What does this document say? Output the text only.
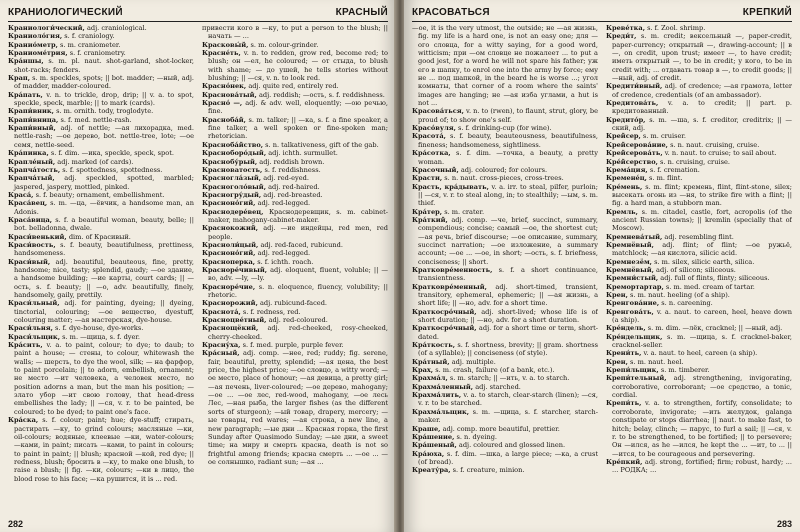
КРАНИОЛОГИЧЕСКИЙ	КРАСНЫЙ

Краниологи́ческий, adj. craniological.

Краниоло́гия, s. f. craniology.

Кранио́метр, s. m. craniometer.

Краниоме́трия, s. f. craniometry.

Кра́ншы, s. m. pl. naut. shot-garland, shot-locker, shot-racks; fenders.

Крап, s. m. speckles, spots; || bot. madder; —ный, adj. of madder, madder-coloured.

Кра́пать, v. n. to trickle, drop, drip; || v. a. to spot, speckle, speck, marble; || to mark (cards).

Крапи́вник, s. m. ornith. tody, troglodyte.

Крапи́вница, s. f. med. nettle-rash.

Крапи́вный, adj. of nettle; —ая лихорадка, med. nettle-rash; —ое дерево, bot. nettle-tree, lote; —ое семя, nettle-seed.

Кра́пинка, s. f. dim. —ика, speckle, speck, spot.

Крапле́ный, adj. marked (of cards).

Крапча́тость, s. f. spottedness, spottedness.

Крапча́тый, adj. speckled, spotted, marbled; jaspered, jaspery, mottled, pinked.

Краса́, s. f. beauty; ornament, embellishment.

Краса́вец, s. m. —ца, —ёвчик, a handsome man, an Adonis.

Краса́вица, s. f. a beautiful woman, beauty, belle; || bot. belladonna, dwale.

Краси́венький, dim. of Красивый.

Краси́вость, s. f. beauty, beautifulness, prettiness, handsomeness.

Краси́вый, adj. beautiful, beauteous, fine, pretty, handsome; nice, tasty; splendid, gaudy; —ое здание, a handsome building; —ие карты, court cards; || —ость, s. f. beauty; || —о, adv. beautifully, finely, handsomely, gaily, prettily.

Краси́льный, adj. for painting, dyeing; || dyeing, tinctorial, colouring; —ое вещество, dyestuff, colouring matter; —ая мастерская, dye-house.

Краси́льня, s. f. dye-house, dye-works.

Краси́льщик, s. m. —щица, s. f. dyer.

Кра́сить, v. a. to paint, colour; to dye; to daub; to paint a house; — стены, to colour, whitewash the walls; — шерсть, to dye the wool, silk; — на фарфор, to paint porcelain; || to adorn, embellish, ornament; не место —ит человека, а человек место, no position adorns a man, but the man his position; — злато убор —ит свою голову, that head-dress embellishes the lady; || —ся, v. r. to be painted, be coloured; to be dyed; to paint one's face.

Кра́ска, s. f. colour; paint; hue; dye-stuff; стирать, растирать —ку, to grind colours; масляные —ки, oil-colours; водяные, клеевые —ки, water-colours; —ками, in paint; писать —ками, to paint in colours; to paint in paint; || blush; красной —кой, red dye; || redness, blush; бросить в —ку, to make one blush, to raise a blush; || fig. —ки, colours; —ки в лицо, the blood rose to his face; —ка рушится, it is ... red.

привести кого в —ку, to put a person to the blush; || начать — ...

Красковы́й, s. m. colour-grinder.

Красне́ть, v. n. to redden, grow red, become red; to blush; он —ел, he coloured; — от стыда, to blush with shame; — до ушей, he tells stories without blushing; || —ся, v. n. to look red.

Красно́нек, adj. quite red, entirely red.

Краснова́тый, adj. reddish; —ость, s. f. reddishness.

Красно́ —, adj. & adv. well, eloquently; —ою речью, fine.

Красноба́й, s. m. talker; || —ка, s. f. a fine speaker, a fine talker, a well spoken or fine-spoken man; rhetorician.

Красноба́йство, s. n. talkativeness, gift of the gab.

Красноборо́дый, adj. ichth. surmullet.

Краснобу́рый, adj. reddish brown.

Красноватость, s. f. reddishness.

Красногла́зый, adj. red-eyed.

Красноголо́вый, adj. red-haired.

Красногру́дый, adj. red-breasted.

Красноно́гий, adj. red-legged.

Краснодере́вец, Краснодеревщик, s. m. cabinet-maker, mahogany-cabinet-maker.

Краснокожий, adj. —ие индейцы, red men, red people.

Красноли́цый, adj. red-faced, rubicund.

Красноно́гий, adj. red-legged.

Красноперка, s. f. ichth. roach.

Красноре́чивый, adj. eloquent, fluent, voluble; || —во, adv. —ly, —ly.

Красноре́чие, s. n. eloquence, fluency, volubility; || rhetoric.

Краснорожий, adj. rubicund-faced.

Краснота́, s. f. redness, red.

Красноцве́тный, adj. red-coloured.

Краснощёкий, adj. red-cheeked, rosy-cheeked, cherry-cheeked.

Красну́ха, s. f. med. purple, purple fever.

Кра́сный, adj. comp. —нее, red; ruddy; fig. serene, fair, beautiful, pretty, splendid; —ая цена, the best price, the highest price; —ое словцо, a witty word; —ое место, place of honour; —ая девица, a pretty girl; —ая печень, liver-coloured; —ое дерево, mahogany; —ое ... —ое лес, red-wood, mahogany, —ое лесь Лес, —ная рыба, the larger fishes (as the different sorts of sturgeon); —ый товар, drapery, mercery; —ые товары, red wares; —ая строка, a new line, a new paragraph; —ые дни ... Красная горка, the first Sunday after Quasimodo Sunday; —ые дни, a sweet time; на миру и смерть красна, death is not so frightful among friends; красна смерть ... —ое ... —ое солнышко, radiant sun; —ая ...

282
КРАСОВАТЬСЯ	КРЕПКИЙ

—ое, it is the very utmost, the outside; не —ая жизнь, fig. my life is a hard one, is not an easy one; для —ого словца, for a witty saying, for a good word, witticism; при —ом словце не пожалеет ... to put a good jest, for a word he will not spare his father; уж его в шапку, to enrol one into the army by force; ему не ... под шапкой, in the beard he is worse ...; угол комнаты, that corner of a room where the saints' images are hanging; не —ая изба углами, a hut is not ...

Красова́ться, v. n. to (rwen), to flaunt, strut, glory, be proud of; to show one's self.

Красо́вуля, s. f. drinking-cup (for wine).

Красота́, s. f. beauty, beauteousness, beautifulness, fineness; handsomeness, sightliness.

Кра́сотка, s. f. dim. —точка, a beauty, a pretty woman.

Красочный, adj. coloured; for colours.

Красти, s. n. naut. cross-pieces, cross-trees.

Красть, кра́дывать, v. a. irr. to steal, pilfer, purloin; || —ся, v. r. to steal along, in; to stealthily; —ым, s. m. thief.

Кра́тер, s. m. crater.

Кра́ткий, adj. comp. —че, brief, succinct, summary, compendious; concise; самый —ое, the shortest cut; —ая речь, brief discourse; —ое описание, summary, succinct narration; —ое изложение, a summary account; —ое ... —ое, in short; —ость, s. f. briefness, conciseness; || short.

Кратковре́менность, s. f. a short continuance, transientness.

Кратковре́менный, adj. short-timed, transient, transitory, ephemeral, ephemeric; || —ая жизнь, a short life; || —но, adv. for a short time.

Краткосро́чный, adj. short-lived; whose life is of short duration; || —но, adv. for a short duration.

Краткосро́чный, adj. for a short time or term, short-dated.

Кра́ткость, s. f. shortness, brevity; || gram. shortness (of a syllable); || conciseness (of style).

Кра́тный, adj. multiple.

Крах, s. m. crash, failure (of a bank, etc.).

Крахма́л, s. m. starch; || —ить, v. a. to starch.

Крахма́ленный, adj. starched.

Крахма́лить, v. a. to starch, clear-starch (linen); —ся, v. r. to be starched.

Крахма́льщик, s. m. —щица, s. f. starcher, starch-maker.

Краше, adj. comp. more beautiful, prettier.

Кра́шение, s. n. dyeing.

Кра́шеный, adj. coloured and glossed linen.

Кра́юха, s. f. dim. —шка, a large piece; —ка, a crust (of bread).

Креату́ра, s. f. creature, minion.

Креве́тка, s. f. Zool. shrimp.

Креди́т, s. m. credit; вексельный —, paper-credit, paper-currency; открытый —, drawing-account; || в —, on credit, upon trust; имеет —, to have credit; иметь открытый —, to be in credit; у кого, to be in credit with; ... отдавать товар в —, to credit goods; || —ный, adj. of credit.

Кредити́вный, adj. of credence; —ая грамота, letter of credence, credentials (of an ambassador).

Кредитова́ть, v. a. to credit; || part. p. кредитованный.

Кредито́р, s. m. —ша, s. f. creditor, creditrix; || —ский, adj.

Крейсер, s. m. cruiser.

Крейсерова́ние, s. n. naut. cruising, cruise.

Крейсерова́ть, v. n. naut. to cruise; to sail about.

Кре́йсерство, s. n. cruising, cruise.

Крема́ция, s. f. cremation.

Кремене́ц, s. m. flint.

Кре́мень, s. m. flint; кремень, flint, flint-stone, silex; высекать огонь из —ня, to strike fire with a flint; || fig. a hard man, a stubborn man.

Кремль, s. m. citadel, castle, fort, acropolis (of the ancient Russian towns); || kremlin (specially that of Moscow).

Кремнева́тый, adj. resembling flint.

Кремнёвый, adj. flint; of flint; —ое ружьё, matchlock; —ая кислота, silicic acid.

Кремнезём, s. m. silex, silicic earth, silica.

Кремнёвый, adj. of silicon; siliceous.

Кремни́стый, adj. full of flints, flinty; siliceous.

Кремортартар, s. m. med. cream of tartar.

Крен, s. m. naut. heeling (of a ship).

Кренгова́ние, s. n. careening.

Кренгова́ть, v. a. naut. to careen, heel, heave down (a ship).

Кре́ндель, s. m. dim. —лёк, cracknel; || —ный, adj.

Кре́ндельщик, s. m. —щица, s. f. cracknel-baker, cracknel-seller.

Крени́ть, v. a. naut. to heel, careen (a ship).

Крен, s. m. naut. heel.

Крепи́льщик, s. m. timberer.

Крепи́тельный, adj. strengthening, invigorating, corroborative, corroborant; —ое средство, a tonic, cordial.

Крепи́ть, v. a. to strengthen, fortify, consolidate; to corroborate, invigorate; —ить желудок, galanga constipate or stops diarrhea; || naut. to make fast, to hitch; belay, clinch; — парус, to furl a sail; || —ся, v. r. to be strengthened, to be fortified; || to persevere; Он —ился, as he —ился, he kept the ... —ит, to ... || —ится, to be courageous and persevering.

Кре́пкий, adj. strong, fortified; firm; robust, hardy; ... ... РОДКА; ...

283
